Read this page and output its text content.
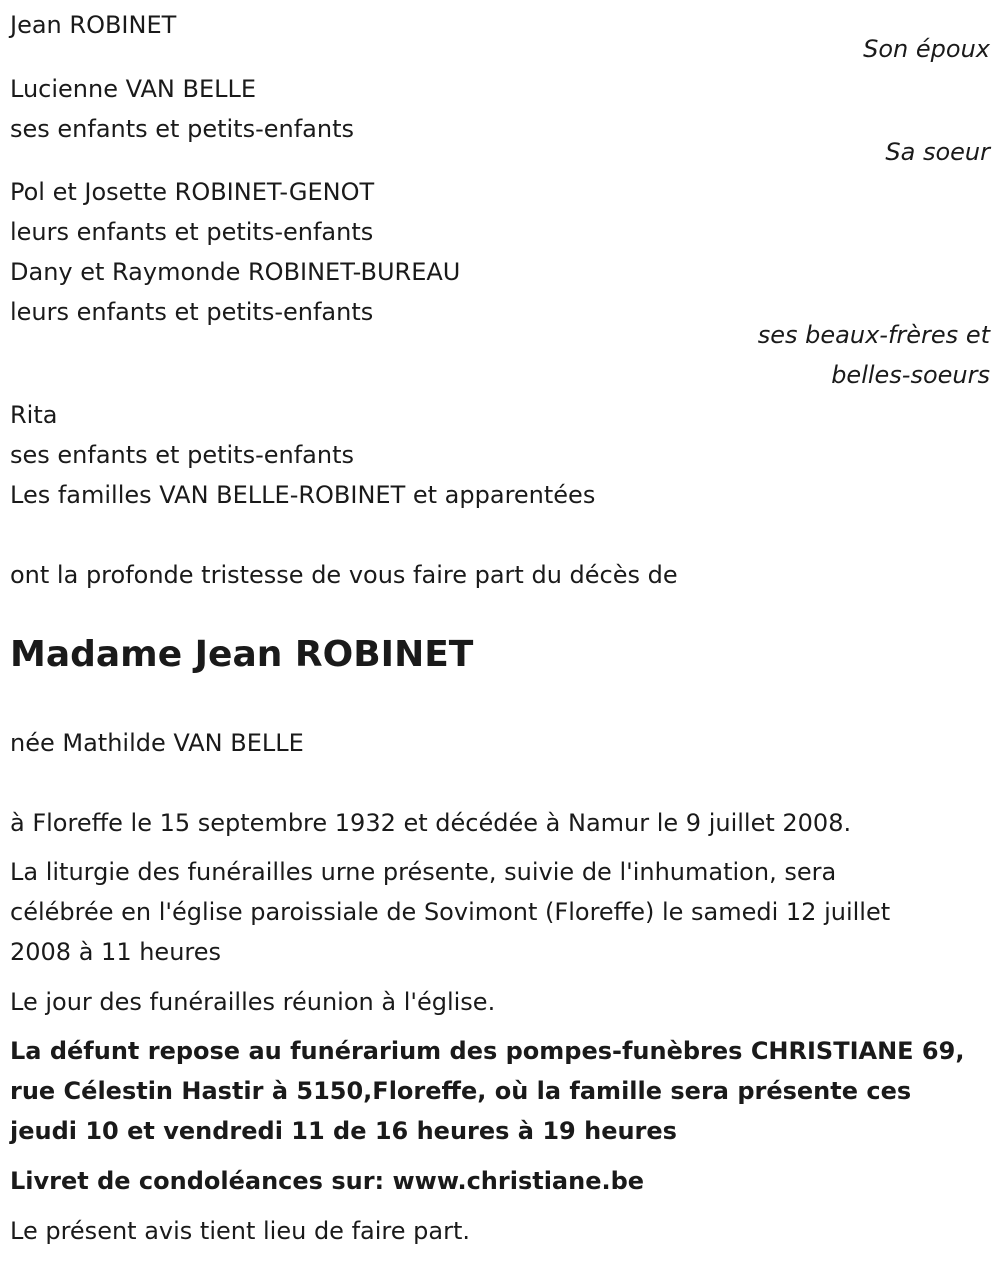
Jean ROBINET
Son époux
Lucienne VAN BELLE
ses enfants et petits-enfants
Sa soeur
Pol et Josette ROBINET-GENOT
leurs enfants et petits-enfants
Dany et Raymonde ROBINET-BUREAU
leurs enfants et petits-enfants
ses beaux-frères et
belles-soeurs
Rita
ses enfants et petits-enfants
Les familles VAN BELLE-ROBINET et apparentées
ont la profonde tristesse de vous faire part du décès de
Madame Jean ROBINET
née Mathilde VAN BELLE
à Floreffe le 15 septembre 1932 et décédée à Namur le 9 juillet 2008.
La liturgie des funérailles urne présente, suivie de l'inhumation, sera
célébrée en l'église paroissiale de Sovimont (Floreffe) le samedi 12 juillet
2008 à 11 heures
Le jour des funérailles réunion à l'église.
La défunt repose au funérarium des pompes-funèbres CHRISTIANE 69,
rue Célestin Hastir à 5150,Floreffe, où la famille sera présente ces
jeudi 10 et vendredi 11 de 16 heures à 19 heures
Livret de condoléances sur: www.christiane.be
Le présent avis tient lieu de faire part.
